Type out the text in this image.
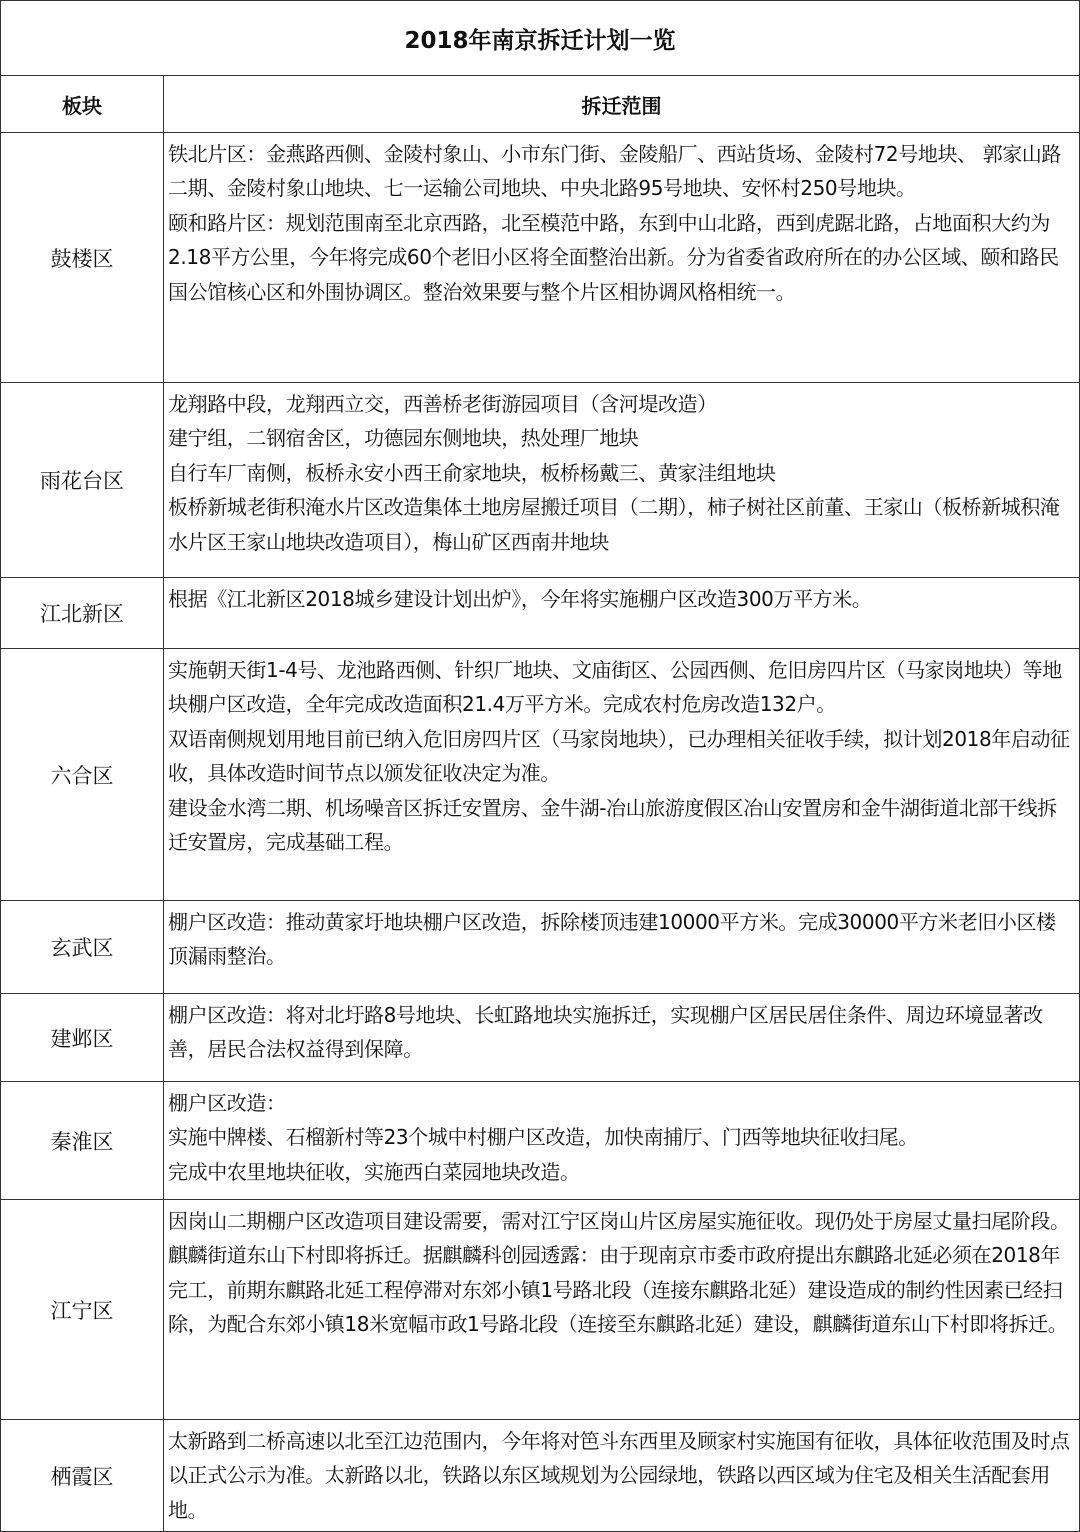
2018年南京拆迁计划一览	
板块	拆迁范围
鼓楼区	铁北片区：金燕路西侧、金陵村象山、小市东门街、金陵船厂、西站货场、金陵村72号地块、 郭家山路二期、金陵村象山地块、七一运输公司地块、中央北路95号地块、安怀村250号地块。

颐和路片区：规划范围南至北京西路，北至模范中路，东到中山北路，西到虎踞北路，占地面积大约为2.18平方公里，今年将完成60个老旧小区将全面整治出新。分为省委省政府所在的办公区域、颐和路民国公馆核心区和外围协调区。整治效果要与整个片区相协调风格相统一。

雨花台区	龙翔路中段，龙翔西立交，西善桥老街游园项目（含河堤改造）

建宁组，二钢宿舍区，功德园东侧地块，热处理厂地块

自行车厂南侧，板桥永安小西王俞家地块，板桥杨戴三、黄家洼组地块

板桥新城老街积淹水片区改造集体土地房屋搬迁项目（二期），柿子树社区前董、王家山（板桥新城积淹水片区王家山地块改造项目），梅山矿区西南井地块

江北新区	根据《江北新区2018城乡建设计划出炉》，今年将实施棚户区改造300万平方米。

六合区	实施朝天街1-4号、龙池路西侧、针织厂地块、文庙街区、公园西侧、危旧房四片区（马家岗地块）等地块棚户区改造，全年完成改造面积21.4万平方米。完成农村危房改造132户。

双语南侧规划用地目前已纳入危旧房四片区（马家岗地块），已办理相关征收手续，拟计划2018年启动征收，具体改造时间节点以颁发征收决定为准。

建设金水湾二期、机场噪音区拆迁安置房、金牛湖-冶山旅游度假区冶山安置房和金牛湖街道北部干线拆迁安置房，完成基础工程。

玄武区	棚户区改造：推动黄家圩地块棚户区改造，拆除楼顶违建10000平方米。完成30000平方米老旧小区楼顶漏雨整治。

建邺区	棚户区改造：将对北圩路8号地块、长虹路地块实施拆迁，实现棚户区居民居住条件、周边环境显著改善，居民合法权益得到保障。

秦淮区	棚户区改造：

实施中牌楼、石榴新村等23个城中村棚户区改造，加快南捕厅、门西等地块征收扫尾。

完成中农里地块征收，实施西白菜园地块改造。

江宁区	因岗山二期棚户区改造项目建设需要，需对江宁区岗山片区房屋实施征收。现仍处于房屋丈量扫尾阶段。

麒麟街道东山下村即将拆迁。据麒麟科创园透露：由于现南京市委市政府提出东麒路北延必须在2018年完工，前期东麒路北延工程停滞对东郊小镇1号路北段（连接东麒路北延）建设造成的制约性因素已经扫除，为配合东郊小镇18米宽幅市政1号路北段（连接至东麒路北延）建设，麒麟街道东山下村即将拆迁。

栖霞区	太新路到二桥高速以北至江边范围内，今年将对笆斗东西里及顾家村实施国有征收，具体征收范围及时点以正式公示为准。太新路以北，铁路以东区域规划为公园绿地，铁路以西区域为住宅及相关生活配套用地。
